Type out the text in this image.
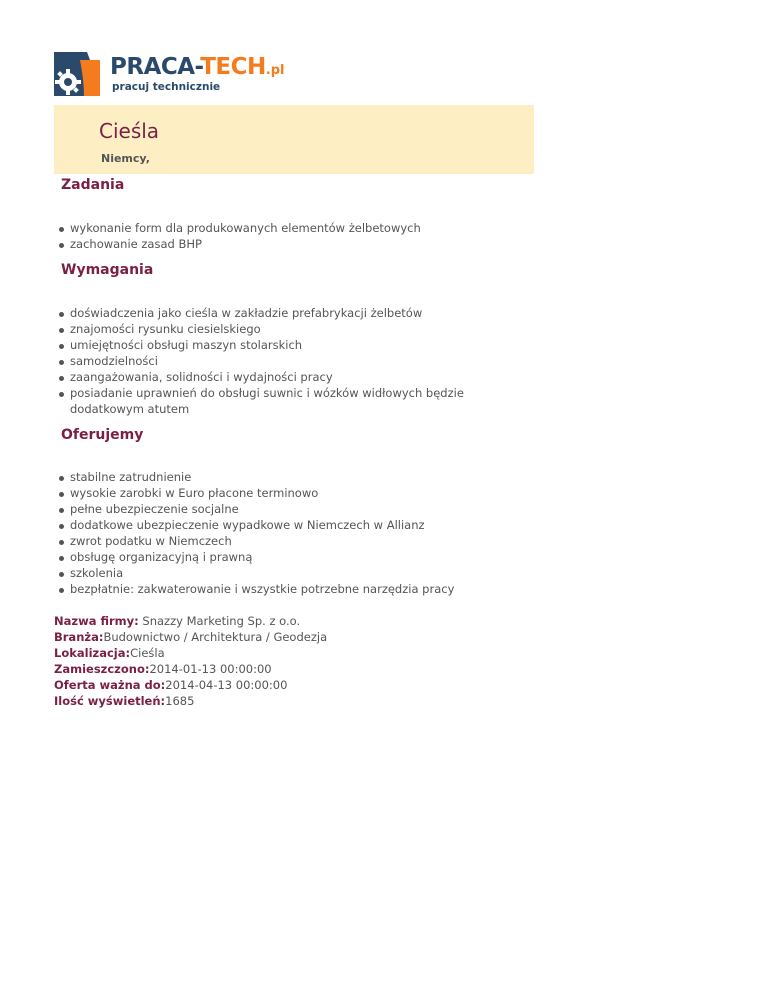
PRACA-TECH.pl
pracuj technicznie
Cieśla
Niemcy,
Zadania
wykonanie form dla produkowanych elementów żelbetowych
zachowanie zasad BHP
Wymagania
doświadczenia jako cieśla w zakładzie prefabrykacji żelbetów
znajomości rysunku ciesielskiego
umiejętności obsługi maszyn stolarskich
samodzielności
zaangażowania, solidności i wydajności pracy
posiadanie uprawnień do obsługi suwnic i wózków widłowych będzie dodatkowym atutem
Oferujemy
stabilne zatrudnienie
wysokie zarobki w Euro płacone terminowo
pełne ubezpieczenie socjalne
dodatkowe ubezpieczenie wypadkowe w Niemczech w Allianz
zwrot podatku w Niemczech
obsługę organizacyjną i prawną
szkolenia
bezpłatnie: zakwaterowanie i wszystkie potrzebne narzędzia pracy
Nazwa firmy: Snazzy Marketing Sp. z o.o.
Branża:Budownictwo / Architektura / Geodezja
Lokalizacja:Cieśla
Zamieszczono:2014-01-13 00:00:00
Oferta ważna do:2014-04-13 00:00:00
Ilość wyświetleń:1685
